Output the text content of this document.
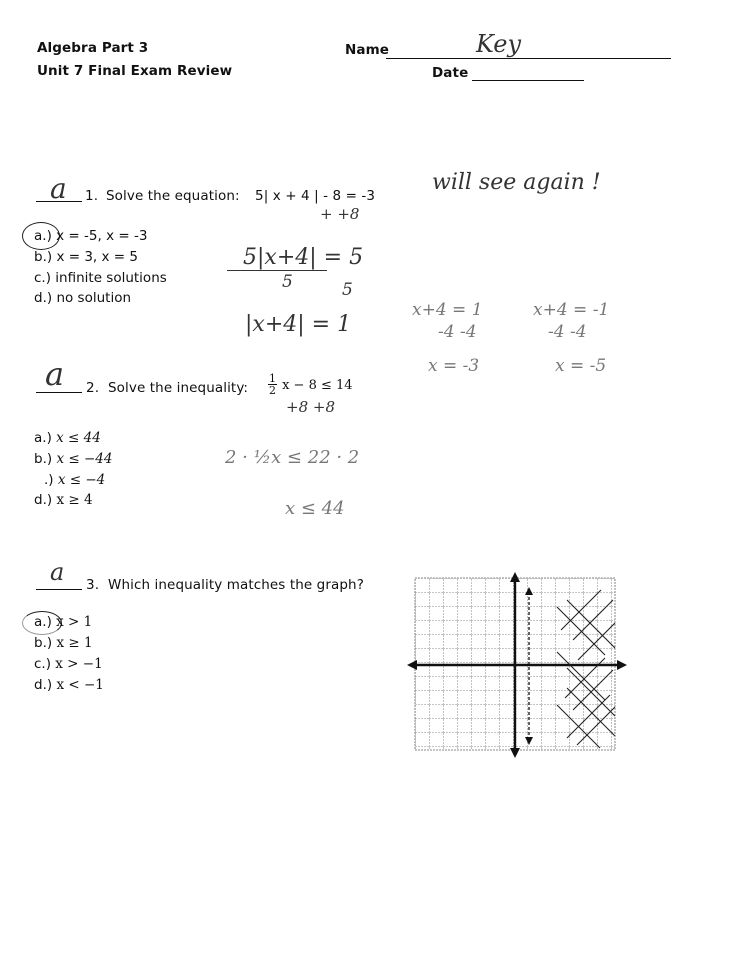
Algebra Part 3
Unit 7 Final Exam Review
Name	Key
Date
a 1. Solve the equation: 5| x + 4 | - 8 = -3
a.) x = -5, x = -3
b.) x = 3, x = 5
c.) infinite solutions
d.) no solution
+ +8
5|x+4| = 5
5	5
|x+4| = 1
will see again !
x+4 = 1
-4 -4
x = -3
x+4 = -1
-4 -4
x = -5
a 2. Solve the inequality: $\frac{1}{2}$ x − 8 ≤ 14
+8 +8
a.) x ≤ 44
b.) x ≤ −44
.) x ≤ −4
d.) x ≥ 4
2 · ½x ≤ 22 · 2
x ≤ 44
a 3. Which inequality matches the graph?
a.) x > 1
b.) x ≥ 1
c.) x > −1
d.) x < −1
